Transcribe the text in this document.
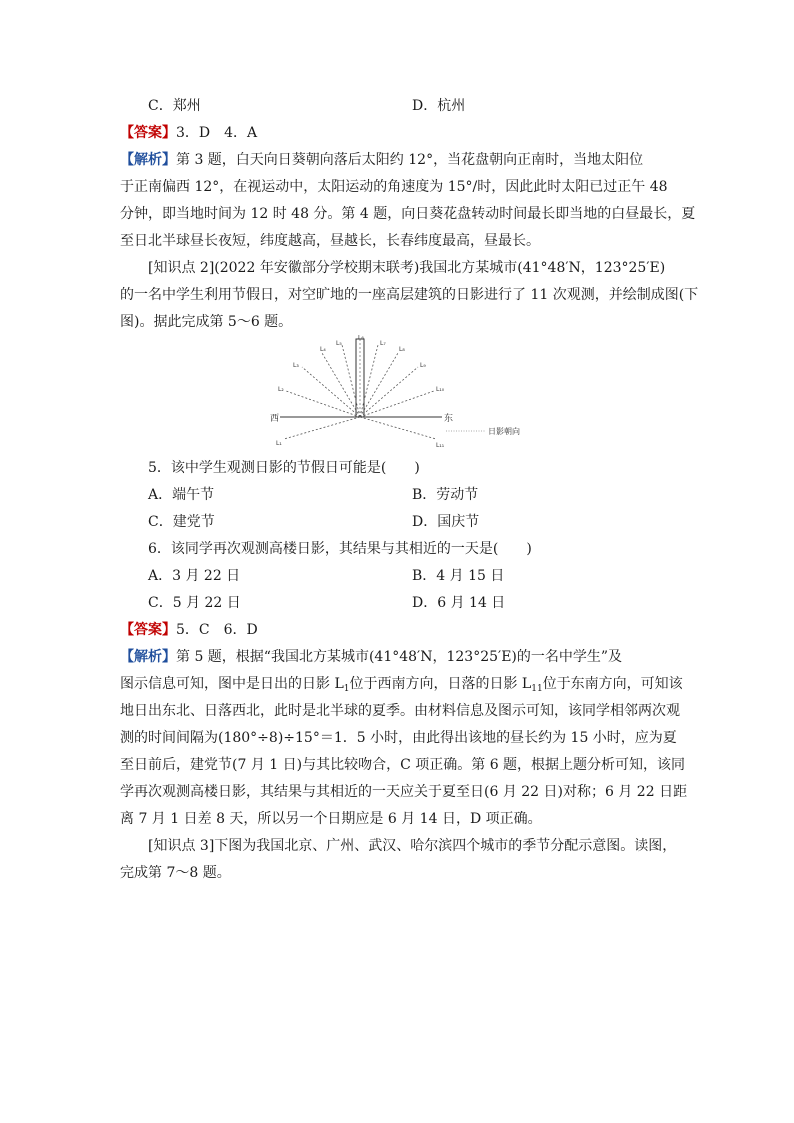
C．郑州	D．杭州
【答案】3．D　4．A
【解析】第 3 题，白天向日葵朝向落后太阳约 12°，当花盘朝向正南时，当地太阳位
于正南偏西 12°，在视运动中，太阳运动的角速度为 15°/时，因此此时太阳已过正午 48
分钟，即当地时间为 12 时 48 分。第 4 题，向日葵花盘转动时间最长即当地的白昼最长，夏
至日北半球昼长夜短，纬度越高，昼越长，长春纬度最高，昼最长。
[知识点 2](2022 年安徽部分学校期末联考)我国北方某城市(41°48′N，123°25′E)
的一名中学生利用节假日，对空旷地的一座高层建筑的日影进行了 11 次观测，并绘制成图(下
图)。据此完成第 5～6 题。
西	东
L₁
L₂
L₃
L₄
L₅
L₆
L₇
L₈
L₉
L₁₀
L₁₁
日影朝向
5．该中学生观测日影的节假日可能是(　　)
A．端午节	B．劳动节
C．建党节	D．国庆节
6．该同学再次观测高楼日影，其结果与其相近的一天是(　　)
A．3 月 22 日	B．4 月 15 日
C．5 月 22 日	D．6 月 14 日
【答案】5．C　6．D
【解析】第 5 题，根据“我国北方某城市(41°48′N，123°25′E)的一名中学生”及
图示信息可知，图中是日出的日影 $L_1$位于西南方向，日落的日影 $L_{11}$位于东南方向，可知该
地日出东北、日落西北，此时是北半球的夏季。由材料信息及图示可知，该同学相邻两次观
测的时间间隔为(180°÷8)÷15°＝1．5 小时，由此得出该地的昼长约为 15 小时，应为夏
至日前后，建党节(7 月 1 日)与其比较吻合，C 项正确。第 6 题，根据上题分析可知，该同
学再次观测高楼日影，其结果与其相近的一天应关于夏至日(6 月 22 日)对称；6 月 22 日距
离 7 月 1 日差 8 天，所以另一个日期应是 6 月 14 日，D 项正确。
[知识点 3]下图为我国北京、广州、武汉、哈尔滨四个城市的季节分配示意图。读图，
完成第 7～8 题。
